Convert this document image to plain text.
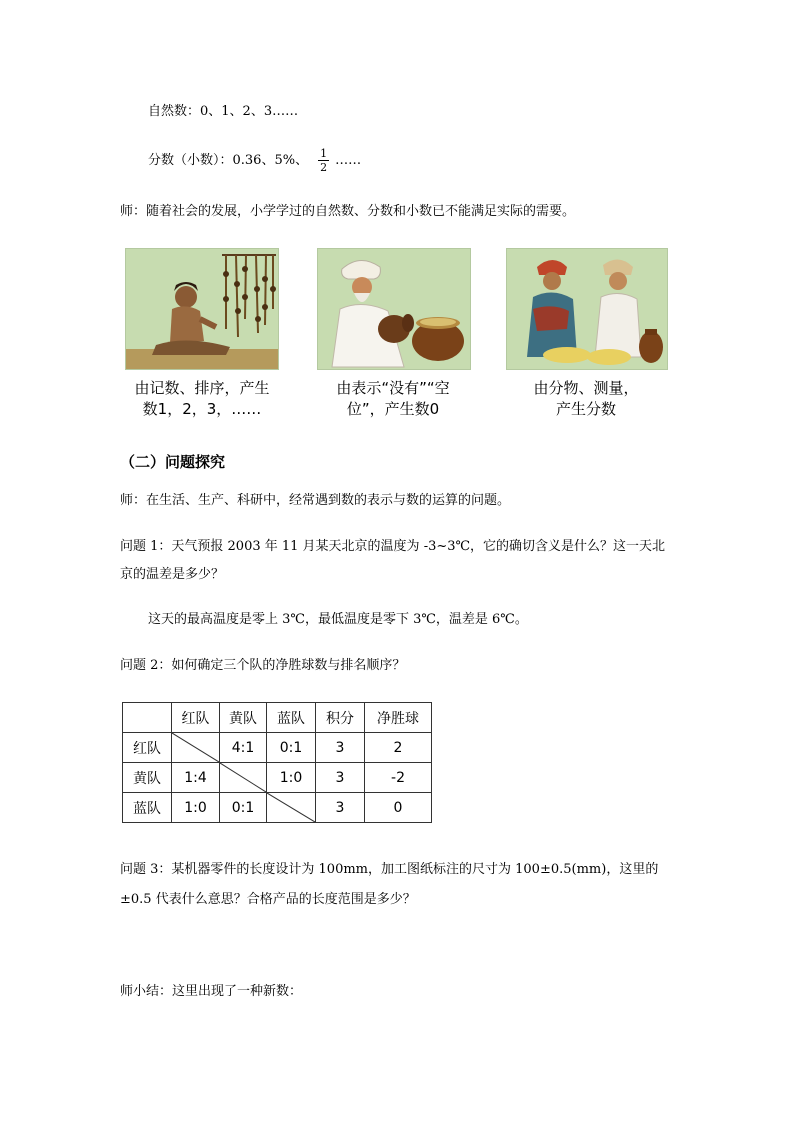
自然数：0、1、2、3……
分数（小数）：0.36、5%、 $\frac{1}{2}$ ……
师：随着社会的发展，小学学过的自然数、分数和小数已不能满足实际的需要。
由记数、排序，产生
数1，2，3，……
由表示“没有”“空
位”，产生数0
由分物、测量，
产生分数
（二）问题探究
师：在生活、生产、科研中，经常遇到数的表示与数的运算的问题。
问题 1：天气预报 2003 年 11 月某天北京的温度为 -3~3℃，它的确切含义是什么？这一天北
京的温差是多少？
这天的最高温度是零上 3℃，最低温度是零下 3℃，温差是 6℃。
问题 2：如何确定三个队的净胜球数与排名顺序？
	红队	黄队	蓝队	积分	净胜球
红队		4:1	0:1	3	2
黄队	1:4		1:0	3	-2
蓝队	1:0	0:1		3	0
问题 3：某机器零件的长度设计为 100mm，加工图纸标注的尺寸为 100±0.5(mm)，这里的
±0.5 代表什么意思？合格产品的长度范围是多少？
师小结：这里出现了一种新数：
